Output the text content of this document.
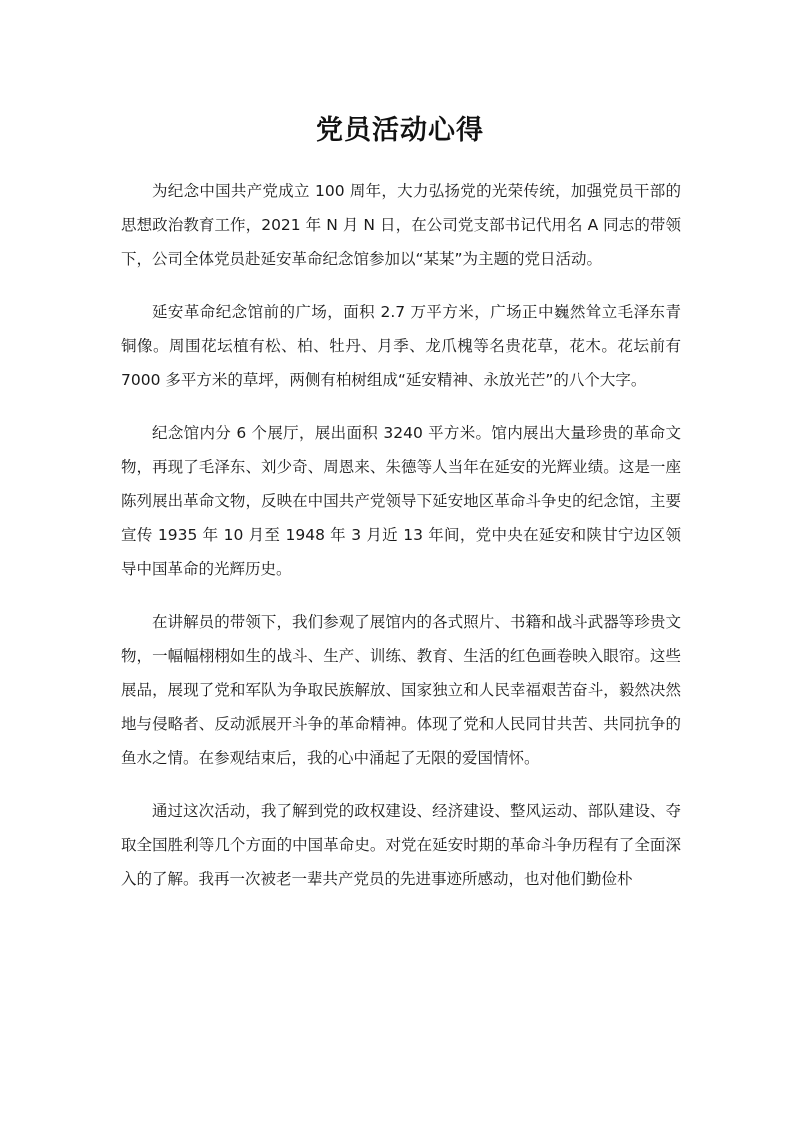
党员活动心得

为纪念中国共产党成立 100 周年，大力弘扬党的光荣传统，加强党员干部的思想政治教育工作，2021 年 N 月 N 日，在公司党支部书记代用名 A 同志的带领下，公司全体党员赴延安革命纪念馆参加以“某某”为主题的党日活动。

延安革命纪念馆前的广场，面积 2.7 万平方米，广场正中巍然耸立毛泽东青铜像。周围花坛植有松、柏、牡丹、月季、龙爪槐等名贵花草，花木。花坛前有 7000 多平方米的草坪，两侧有柏树组成“延安精神、永放光芒”的八个大字。

纪念馆内分 6 个展厅，展出面积 3240 平方米。馆内展出大量珍贵的革命文物，再现了毛泽东、刘少奇、周恩来、朱德等人当年在延安的光辉业绩。这是一座陈列展出革命文物，反映在中国共产党领导下延安地区革命斗争史的纪念馆，主要宣传 1935 年 10 月至 1948 年 3 月近 13 年间，党中央在延安和陕甘宁边区领导中国革命的光辉历史。

在讲解员的带领下，我们参观了展馆内的各式照片、书籍和战斗武器等珍贵文物，一幅幅栩栩如生的战斗、生产、训练、教育、生活的红色画卷映入眼帘。这些展品，展现了党和军队为争取民族解放、国家独立和人民幸福艰苦奋斗，毅然决然地与侵略者、反动派展开斗争的革命精神。体现了党和人民同甘共苦、共同抗争的鱼水之情。在参观结束后，我的心中涌起了无限的爱国情怀。

通过这次活动，我了解到党的政权建设、经济建设、整风运动、部队建设、夺取全国胜利等几个方面的中国革命史。对党在延安时期的革命斗争历程有了全面深入的了解。我再一次被老一辈共产党员的先进事迹所感动，也对他们勤俭朴
